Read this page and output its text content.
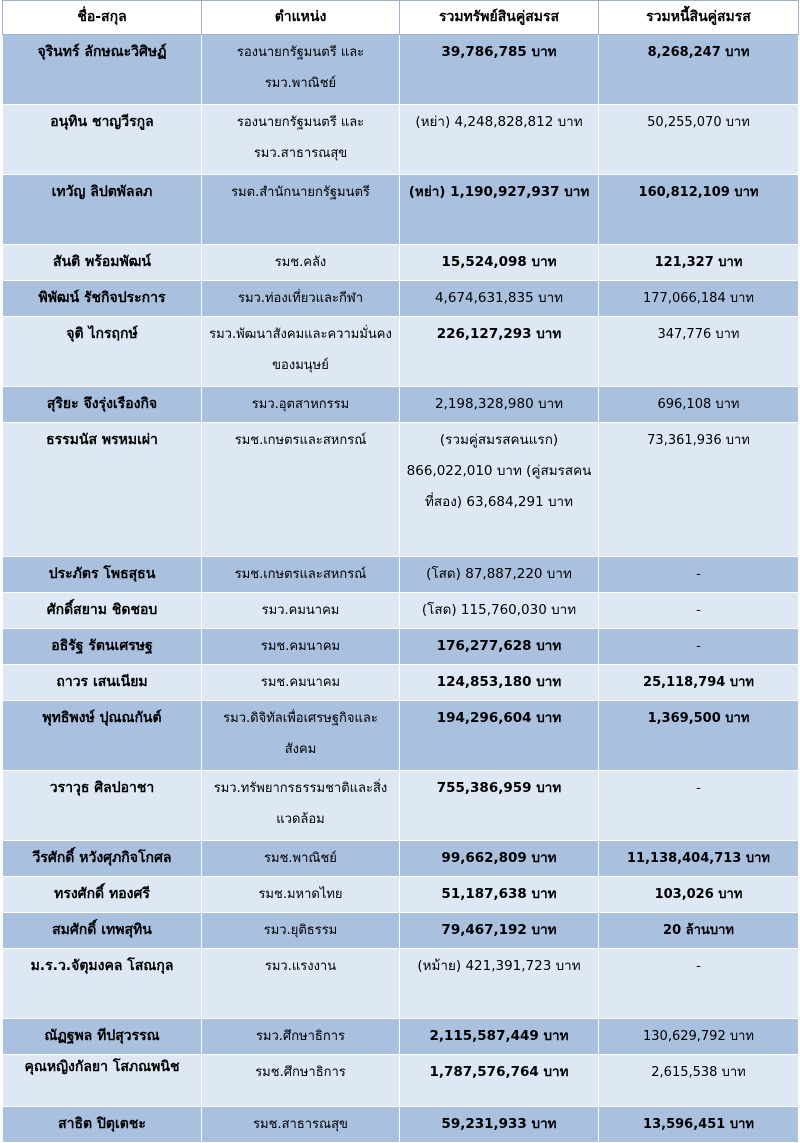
ชื่อ-สกุล	ตำแหน่ง	รวมทรัพย์สินคู่สมรส	รวมหนี้สินคู่สมรส
จุรินทร์ ลักษณะวิศิษฏ์	รองนายกรัฐมนตรี และ รมว.พาณิชย์	39,786,785 บาท	8,268,247 บาท
อนุทิน ชาญวีรกูล	รองนายกรัฐมนตรี และ รมว.สาธารณสุข	(หย่า) 4,248,828,812 บาท	50,255,070 บาท
เทวัญ ลิปตพัลลภ	รมต.สำนักนายกรัฐมนตรี	(หย่า) 1,190,927,937 บาท	160,812,109 บาท
สันติ พร้อมพัฒน์	รมช.คลัง	15,524,098 บาท	121,327 บาท
พิพัฒน์ รัชกิจประการ	รมว.ท่องเที่ยวและกีฬา	4,674,631,835 บาท	177,066,184 บาท
จุติ ไกรฤกษ์	รมว.พัฒนาสังคมและความมั่นคงของมนุษย์	226,127,293 บาท	347,776 บาท
สุริยะ จึงรุ่งเรืองกิจ	รมว.อุตสาหกรรม	2,198,328,980 บาท	696,108 บาท
ธรรมนัส พรหมเผ่า	รมช.เกษตรและสหกรณ์	(รวมคู่สมรสคนแรก) 866,022,010 บาท (คู่สมรสคนที่สอง) 63,684,291 บาท	73,361,936 บาท
ประภัตร โพธสุธน	รมช.เกษตรและสหกรณ์	(โสด) 87,887,220 บาท	-
ศักดิ์สยาม ชิดชอบ	รมว.คมนาคม	(โสด) 115,760,030 บาท	-
อธิรัฐ รัตนเศรษฐ	รมช.คมนาคม	176,277,628 บาท	-
ถาวร เสนเนียม	รมช.คมนาคม	124,853,180 บาท	25,118,794 บาท
พุทธิพงษ์ ปุณณกันต์	รมว.ดิจิทัลเพื่อเศรษฐกิจและสังคม	194,296,604 บาท	1,369,500 บาท
วราวุธ ศิลปอาชา	รมว.ทรัพยากรธรรมชาติและสิ่งแวดล้อม	755,386,959 บาท	-
วีรศักดิ์ หวังศุภกิจโกศล	รมช.พาณิชย์	99,662,809 บาท	11,138,404,713 บาท
ทรงศักดิ์ ทองศรี	รมช.มหาดไทย	51,187,638 บาท	103,026 บาท
สมศักดิ์ เทพสุทิน	รมว.ยุติธรรม	79,467,192 บาท	20 ล้านบาท
ม.ร.ว.จัตุมงคล โสณกุล	รมว.แรงงาน	(หม้าย) 421,391,723 บาท	-
ณัฏฐพล ทีปสุวรรณ	รมว.ศึกษาธิการ	2,115,587,449 บาท	130,629,792 บาท
คุณหญิงกัลยา โสภณพนิช	รมช.ศึกษาธิการ	1,787,576,764 บาท	2,615,538 บาท
สาธิต ปิตุเตชะ	รมช.สาธารณสุข	59,231,933 บาท	13,596,451 บาท
